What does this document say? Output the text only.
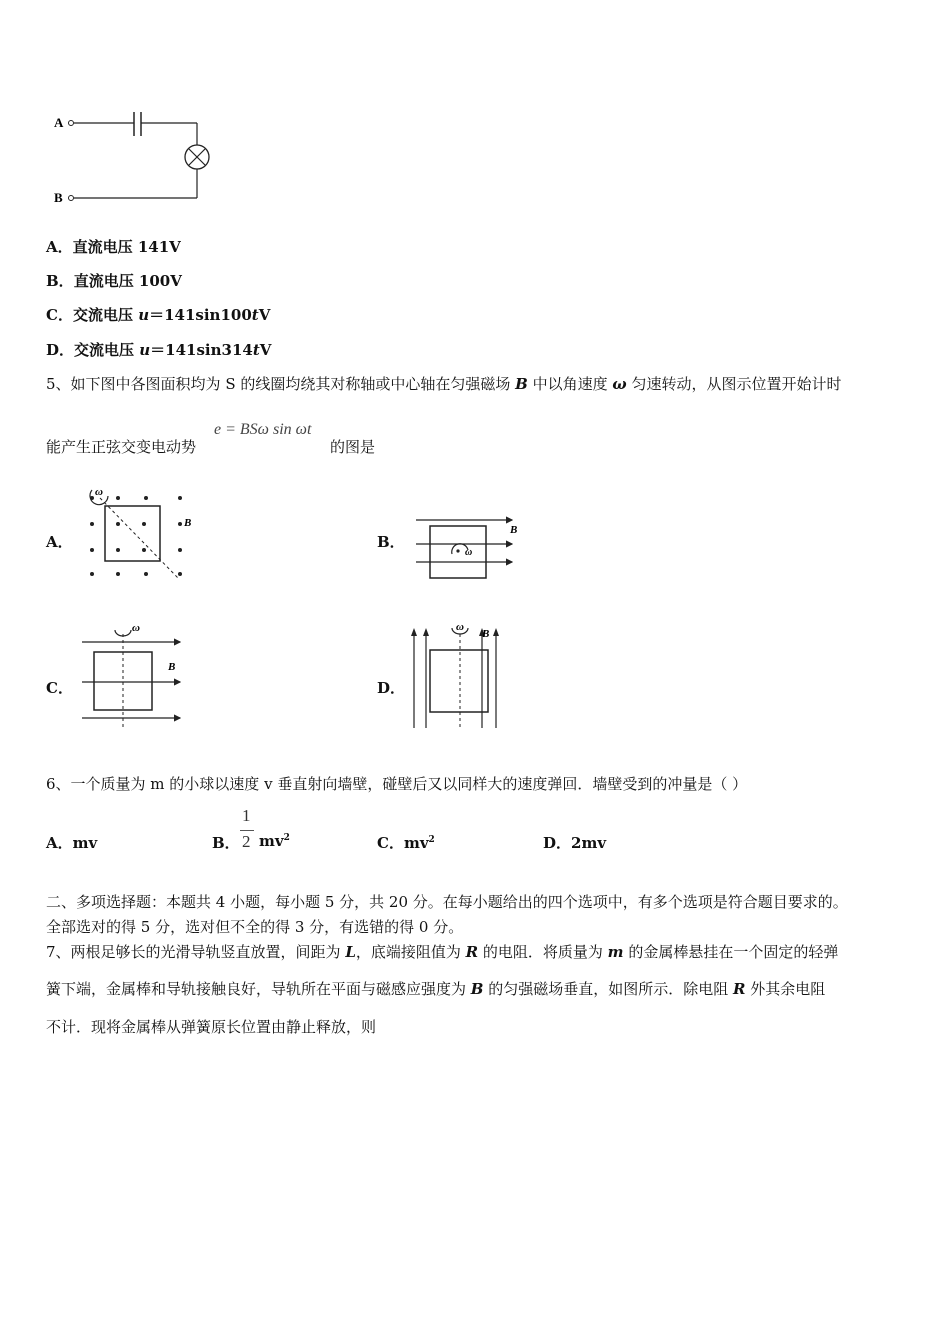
A
B
A．直流电压 141V
B．直流电压 100V
C．交流电压 u＝141sin100tV
D．交流电压 u＝141sin314tV
5、如下图中各图面积均为 S 的线圈均绕其对称轴或中心轴在匀强磁场 B 中以角速度 ω 匀速转动，从图示位置开始计时
能产生正弦交变电动势
e = BSω sin ωt
的图是
A．
ω
B
B．
ω
B
C．
ω
B
D．
ω
B
6、一个质量为 m 的小球以速度 v 垂直射向墙壁，碰壁后又以同样大的速度弹回．墙壁受到的冲量是（ ）
A．mv	B．
1
2 $mv^2$	C．$mv^2$	D．2mv
二、多项选择题：本题共 4 小题，每小题 5 分，共 20 分。在每小题给出的四个选项中，有多个选项是符合题目要求的。
全部选对的得 5 分，选对但不全的得 3 分，有选错的得 0 分。
7、两根足够长的光滑导轨竖直放置，间距为 L，底端接阻值为 R 的电阻．将质量为 m 的金属棒悬挂在一个固定的轻弹
簧下端，金属棒和导轨接触良好，导轨所在平面与磁感应强度为 B 的匀强磁场垂直，如图所示．除电阻 R 外其余电阻
不计．现将金属棒从弹簧原长位置由静止释放，则
